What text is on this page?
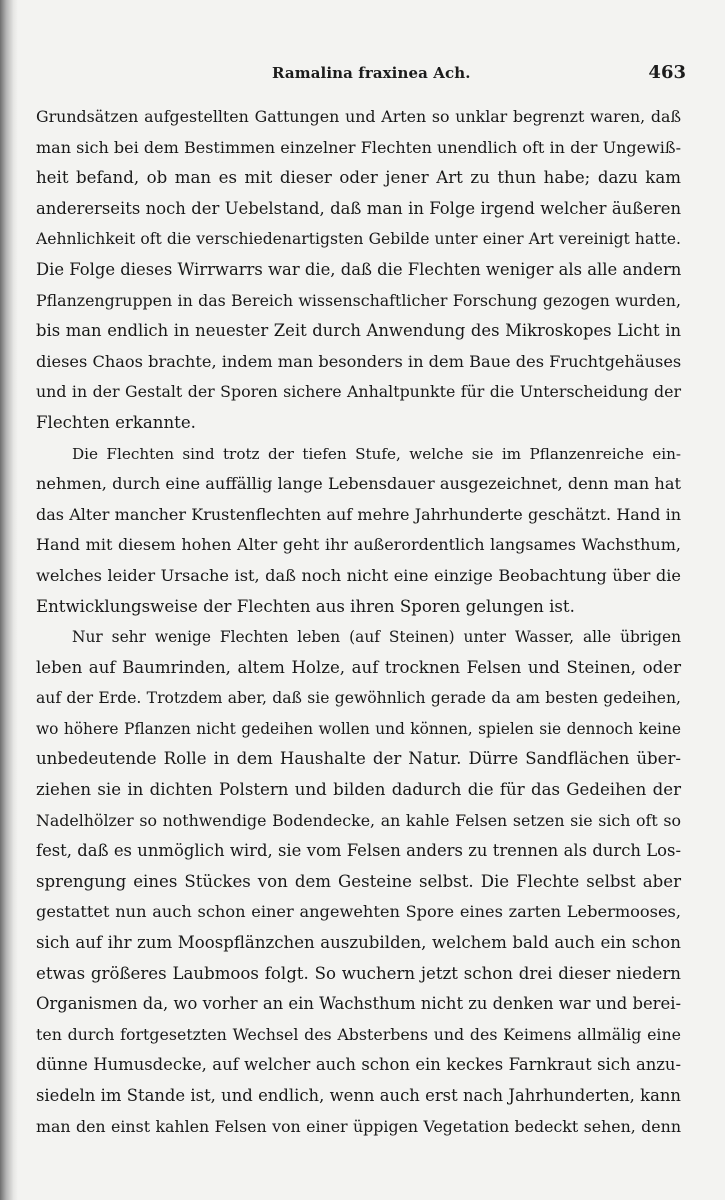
Ramalina fraxinea Ach.	463
Grundsätzen aufgestellten Gattungen und Arten so unklar begrenzt waren, daß
man sich bei dem Bestimmen einzelner Flechten unendlich oft in der Ungewiß-
heit befand, ob man es mit dieser oder jener Art zu thun habe; dazu kam
andererseits noch der Uebelstand, daß man in Folge irgend welcher äußeren
Aehnlichkeit oft die verschiedenartigsten Gebilde unter einer Art vereinigt hatte.
Die Folge dieses Wirrwarrs war die, daß die Flechten weniger als alle andern
Pflanzengruppen in das Bereich wissenschaftlicher Forschung gezogen wurden,
bis man endlich in neuester Zeit durch Anwendung des Mikroskopes Licht in
dieses Chaos brachte, indem man besonders in dem Baue des Fruchtgehäuses
und in der Gestalt der Sporen sichere Anhaltpunkte für die Unterscheidung der
Flechten erkannte.
Die Flechten sind trotz der tiefen Stufe, welche sie im Pflanzenreiche ein-
nehmen, durch eine auffällig lange Lebensdauer ausgezeichnet, denn man hat
das Alter mancher Krustenflechten auf mehre Jahrhunderte geschätzt. Hand in
Hand mit diesem hohen Alter geht ihr außerordentlich langsames Wachsthum,
welches leider Ursache ist, daß noch nicht eine einzige Beobachtung über die
Entwicklungsweise der Flechten aus ihren Sporen gelungen ist.
Nur sehr wenige Flechten leben (auf Steinen) unter Wasser, alle übrigen
leben auf Baumrinden, altem Holze, auf trocknen Felsen und Steinen, oder
auf der Erde. Trotzdem aber, daß sie gewöhnlich gerade da am besten gedeihen,
wo höhere Pflanzen nicht gedeihen wollen und können, spielen sie dennoch keine
unbedeutende Rolle in dem Haushalte der Natur. Dürre Sandflächen über-
ziehen sie in dichten Polstern und bilden dadurch die für das Gedeihen der
Nadelhölzer so nothwendige Bodendecke, an kahle Felsen setzen sie sich oft so
fest, daß es unmöglich wird, sie vom Felsen anders zu trennen als durch Los-
sprengung eines Stückes von dem Gesteine selbst. Die Flechte selbst aber
gestattet nun auch schon einer angewehten Spore eines zarten Lebermooses,
sich auf ihr zum Moospflänzchen auszubilden, welchem bald auch ein schon
etwas größeres Laubmoos folgt. So wuchern jetzt schon drei dieser niedern
Organismen da, wo vorher an ein Wachsthum nicht zu denken war und berei-
ten durch fortgesetzten Wechsel des Absterbens und des Keimens allmälig eine
dünne Humusdecke, auf welcher auch schon ein keckes Farnkraut sich anzu-
siedeln im Stande ist, und endlich, wenn auch erst nach Jahrhunderten, kann
man den einst kahlen Felsen von einer üppigen Vegetation bedeckt sehen, denn
